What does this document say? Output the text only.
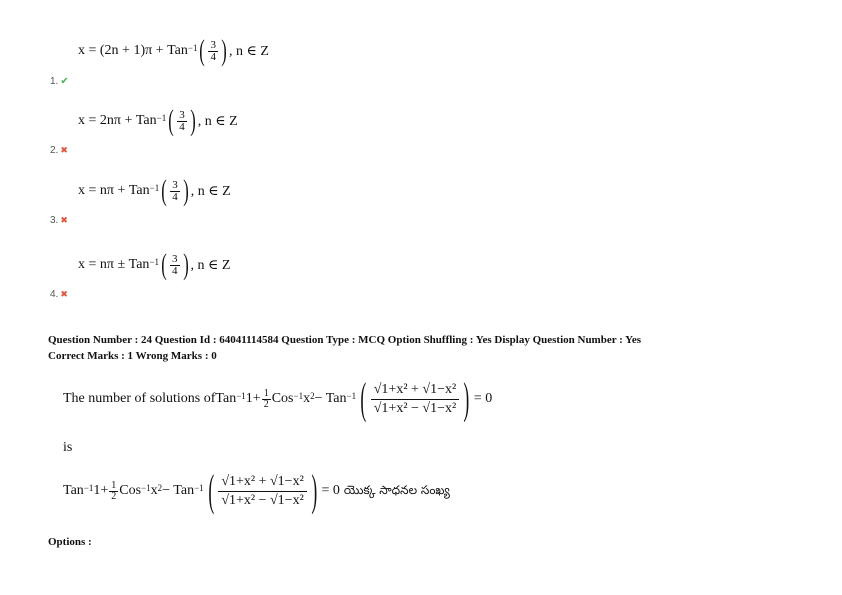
x = (2n + 1)π + Tan$^{-1}$ ( $\frac{3}{4}$ ) , n ∈ Z
1. ✔
x = 2nπ + Tan$^{-1}$ ( $\frac{3}{4}$ ) , n ∈ Z
2. ✖
x = nπ + Tan$^{-1}$ ( $\frac{3}{4}$ ) , n ∈ Z
3. ✖
x = nπ ± Tan$^{-1}$ ( $\frac{3}{4}$ ) , n ∈ Z
4. ✖
Question Number : 24 Question Id : 64041114584 Question Type : MCQ Option Shuffling : Yes Display Question Number : Yes
Correct Marks : 1 Wrong Marks : 0
The number of solutions of Tan$^{-1}$ $1+ \frac{1}{2} Cos^{-1}$ $x^2 - Tan^{-1}$ ( $\frac{\text{√1+x² + √1−x²}}{\text{√1+x² − √1−x²}}$ ) = 0
is
Tan$^{-1}$ $1+ \frac{1}{2} Cos^{-1}$ $x^2 - Tan^{-1}$ ( $\frac{\text{√1+x² + √1−x²}}{\text{√1+x² − √1−x²}}$ ) = 0 యొక్క సాధనల సంఖ్య
Options :
